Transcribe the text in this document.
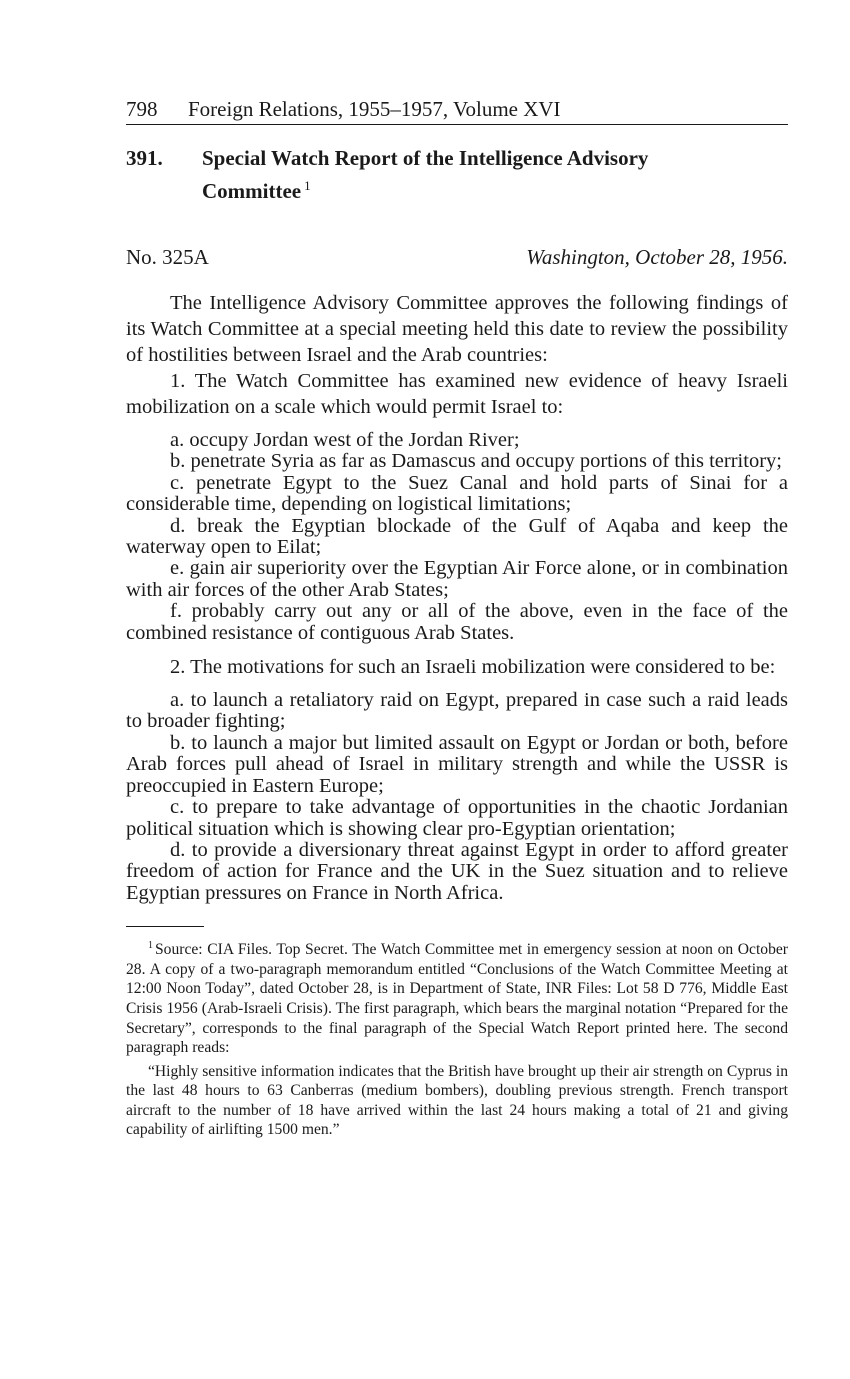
798 Foreign Relations, 1955–1957, Volume XVI
391. Special Watch Report of the Intelligence Advisory Committee $^1$
No. 325A	Washington, October 28, 1956.

The Intelligence Advisory Committee approves the following findings of its Watch Committee at a special meeting held this date to review the possibility of hostilities between Israel and the Arab countries:

1. The Watch Committee has examined new evidence of heavy Israeli mobilization on a scale which would permit Israel to:

a. occupy Jordan west of the Jordan River;

b. penetrate Syria as far as Damascus and occupy portions of this territory;

c. penetrate Egypt to the Suez Canal and hold parts of Sinai for a considerable time, depending on logistical limitations;

d. break the Egyptian blockade of the Gulf of Aqaba and keep the waterway open to Eilat;

e. gain air superiority over the Egyptian Air Force alone, or in combination with air forces of the other Arab States;

f. probably carry out any or all of the above, even in the face of the combined resistance of contiguous Arab States.

2. The motivations for such an Israeli mobilization were considered to be:

a. to launch a retaliatory raid on Egypt, prepared in case such a raid leads to broader fighting;

b. to launch a major but limited assault on Egypt or Jordan or both, before Arab forces pull ahead of Israel in military strength and while the USSR is preoccupied in Eastern Europe;

c. to prepare to take advantage of opportunities in the chaotic Jordanian political situation which is showing clear pro-Egyptian orientation;

d. to provide a diversionary threat against Egypt in order to afford greater freedom of action for France and the UK in the Suez situation and to relieve Egyptian pressures on France in North Africa.

$^1$ Source: CIA Files. Top Secret. The Watch Committee met in emergency session at noon on October 28. A copy of a two-paragraph memorandum entitled “Conclusions of the Watch Committee Meeting at 12:00 Noon Today”, dated October 28, is in Department of State, INR Files: Lot 58 D 776, Middle East Crisis 1956 (Arab-Israeli Crisis). The first paragraph, which bears the marginal notation “Prepared for the Secretary”, corresponds to the final paragraph of the Special Watch Report printed here. The second paragraph reads:

“Highly sensitive information indicates that the British have brought up their air strength on Cyprus in the last 48 hours to 63 Canberras (medium bombers), doubling previous strength. French transport aircraft to the number of 18 have arrived within the last 24 hours making a total of 21 and giving capability of airlifting 1500 men.”
